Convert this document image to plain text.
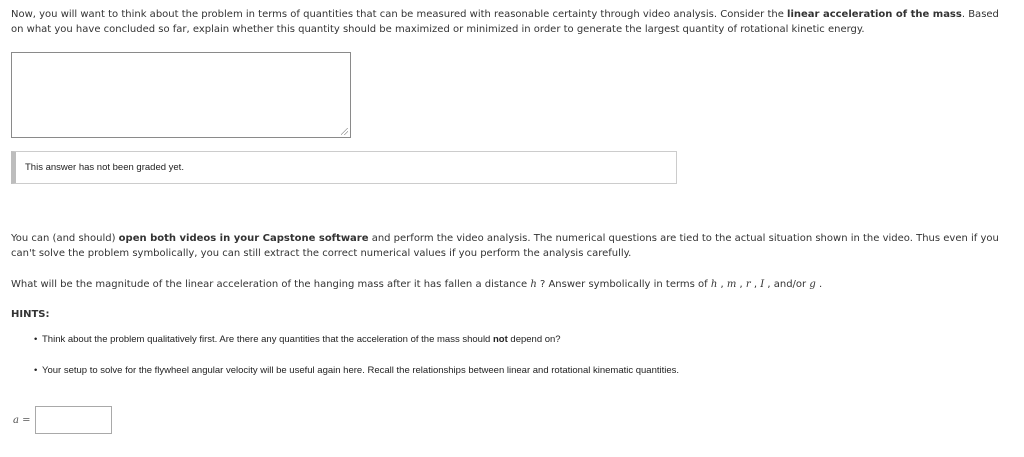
Now, you will want to think about the problem in terms of quantities that can be measured with reasonable certainty through video analysis. Consider the linear acceleration of the mass. Based on what you have concluded so far, explain whether this quantity should be maximized or minimized in order to generate the largest quantity of rotational kinetic energy.

This answer has not been graded yet.

You can (and should) open both videos in your Capstone software and perform the video analysis. The numerical questions are tied to the actual situation shown in the video. Thus even if you can't solve the problem symbolically, you can still extract the correct numerical values if you perform the analysis carefully.

What will be the magnitude of the linear acceleration of the hanging mass after it has fallen a distance h ? Answer symbolically in terms of h , m , r , I , and/or g .

HINTS:
• Think about the problem qualitatively first. Are there any quantities that the acceleration of the mass should not depend on?
• Your setup to solve for the flywheel angular velocity will be useful again here. Recall the relationships between linear and rotational kinematic quantities.
a =
